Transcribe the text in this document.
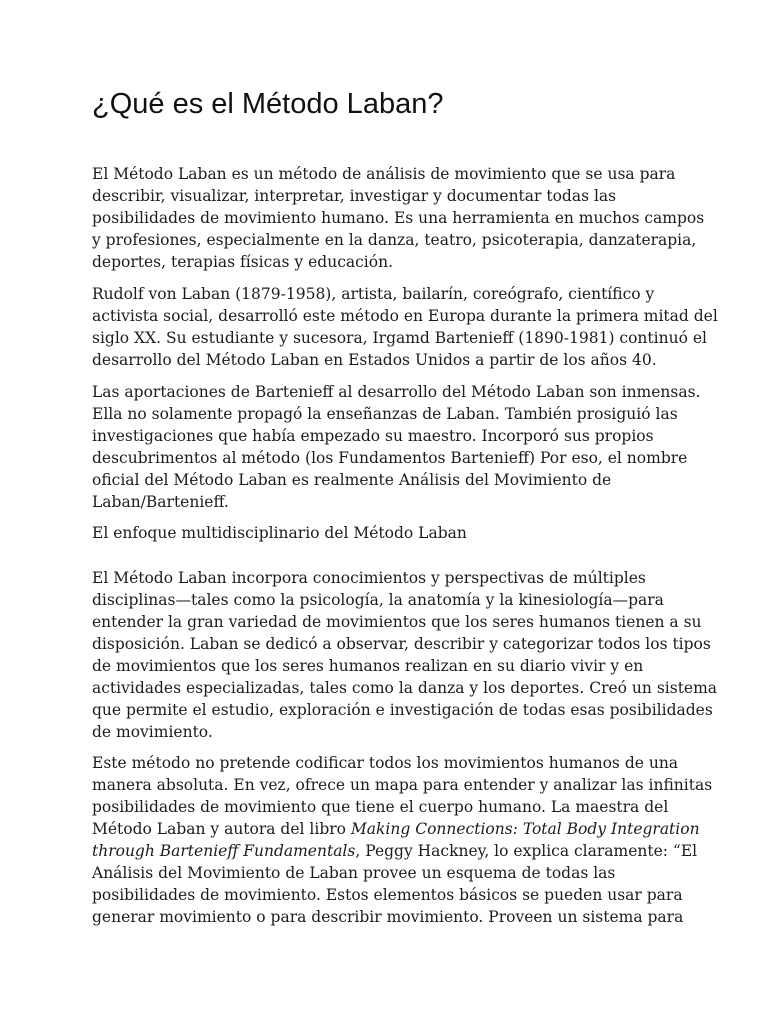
¿Qué es el Método Laban?

El Método Laban es un método de análisis de movimiento que se usa para
describir, visualizar, interpretar, investigar y documentar todas las
posibilidades de movimiento humano. Es una herramienta en muchos campos
y profesiones, especialmente en la danza, teatro, psicoterapia, danzaterapia,
deportes, terapias físicas y educación.

Rudolf von Laban (1879-1958), artista, bailarín, coreógrafo, científico y
activista social, desarrolló este método en Europa durante la primera mitad del
siglo XX. Su estudiante y sucesora, Irgamd Bartenieff (1890-1981) continuó el
desarrollo del Método Laban en Estados Unidos a partir de los años 40.

Las aportaciones de Bartenieff al desarrollo del Método Laban son inmensas.
Ella no solamente propagó la enseñanzas de Laban. También prosiguió las
investigaciones que había empezado su maestro. Incorporó sus propios
descubrimentos al método (los Fundamentos Bartenieff) Por eso, el nombre
oficial del Método Laban es realmente Análisis del Movimiento de
Laban/Bartenieff.

El enfoque multidisciplinario del Método Laban

El Método Laban incorpora conocimientos y perspectivas de múltiples
disciplinas—tales como la psicología, la anatomía y la kinesiología—para
entender la gran variedad de movimientos que los seres humanos tienen a su
disposición. Laban se dedicó a observar, describir y categorizar todos los tipos
de movimientos que los seres humanos realizan en su diario vivir y en
actividades especializadas, tales como la danza y los deportes. Creó un sistema
que permite el estudio, exploración e investigación de todas esas posibilidades
de movimiento.

Este método no pretende codificar todos los movimientos humanos de una
manera absoluta. En vez, ofrece un mapa para entender y analizar las infinitas
posibilidades de movimiento que tiene el cuerpo humano. La maestra del
Método Laban y autora del libro Making Connections: Total Body Integration
through Bartenieff Fundamentals, Peggy Hackney, lo explica claramente: “El
Análisis del Movimiento de Laban provee un esquema de todas las
posibilidades de movimiento. Estos elementos básicos se pueden usar para
generar movimiento o para describir movimiento. Proveen un sistema para
